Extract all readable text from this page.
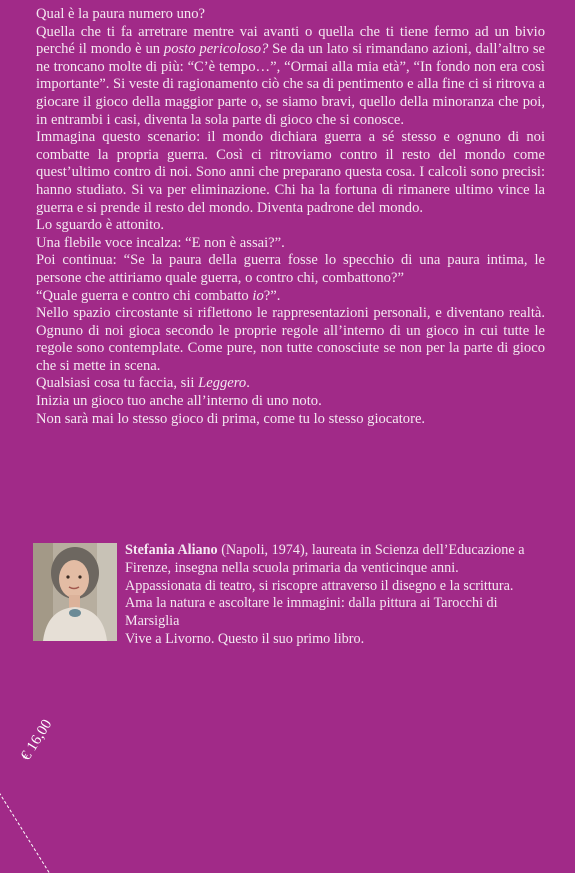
Qual è la paura numero uno?

Quella che ti fa arretrare mentre vai avanti o quella che ti tiene fermo ad un bivio perché il mondo è un posto pericoloso? Se da un lato si rimandano azioni, dall’altro se ne troncano molte di più: “C’è tempo…”, “Ormai alla mia età”, “In fondo non era così importante”. Si veste di ragionamento ciò che sa di pentimento e alla fine ci si ritrova a giocare il gioco della maggior parte o, se siamo bravi, quello della minoranza che poi, in entrambi i casi, diventa la sola parte di gioco che si conosce.

Immagina questo scenario: il mondo dichiara guerra a sé stesso e ognuno di noi combatte la propria guerra. Così ci ritroviamo contro il resto del mondo come quest’ultimo contro di noi. Sono anni che preparano questa cosa. I calcoli sono precisi: hanno studiato. Si va per eliminazione. Chi ha la fortuna di rimanere ultimo vince la guerra e si prende il resto del mondo. Diventa padrone del mondo.

Lo sguardo è attonito.

Una flebile voce incalza: “E non è assai?”.

Poi continua: “Se la paura della guerra fosse lo specchio di una paura intima, le persone che attiriamo quale guerra, o contro chi, combattono?”

“Quale guerra e contro chi combatto io?”.

Nello spazio circostante si riflettono le rappresentazioni personali, e diventano realtà. Ognuno di noi gioca secondo le proprie regole all’interno di un gioco in cui tutte le regole sono contemplate. Come pure, non tutte conosciute se non per la parte di gioco che si mette in scena.

Qualsiasi cosa tu faccia, sii Leggero.

Inizia un gioco tuo anche all’interno di uno noto.

Non sarà mai lo stesso gioco di prima, come tu lo stesso giocatore.

Stefania Aliano (Napoli, 1974), laureata in Scienza dell’Educazione a Firenze, insegna nella scuola primaria da venticinque anni.

Appassionata di teatro, si riscopre attraverso il disegno e la scrittura.

Ama la natura e ascoltare le immagini: dalla pittura ai Tarocchi di Marsiglia

Vive a Livorno. Questo il suo primo libro.

€ 16,00
